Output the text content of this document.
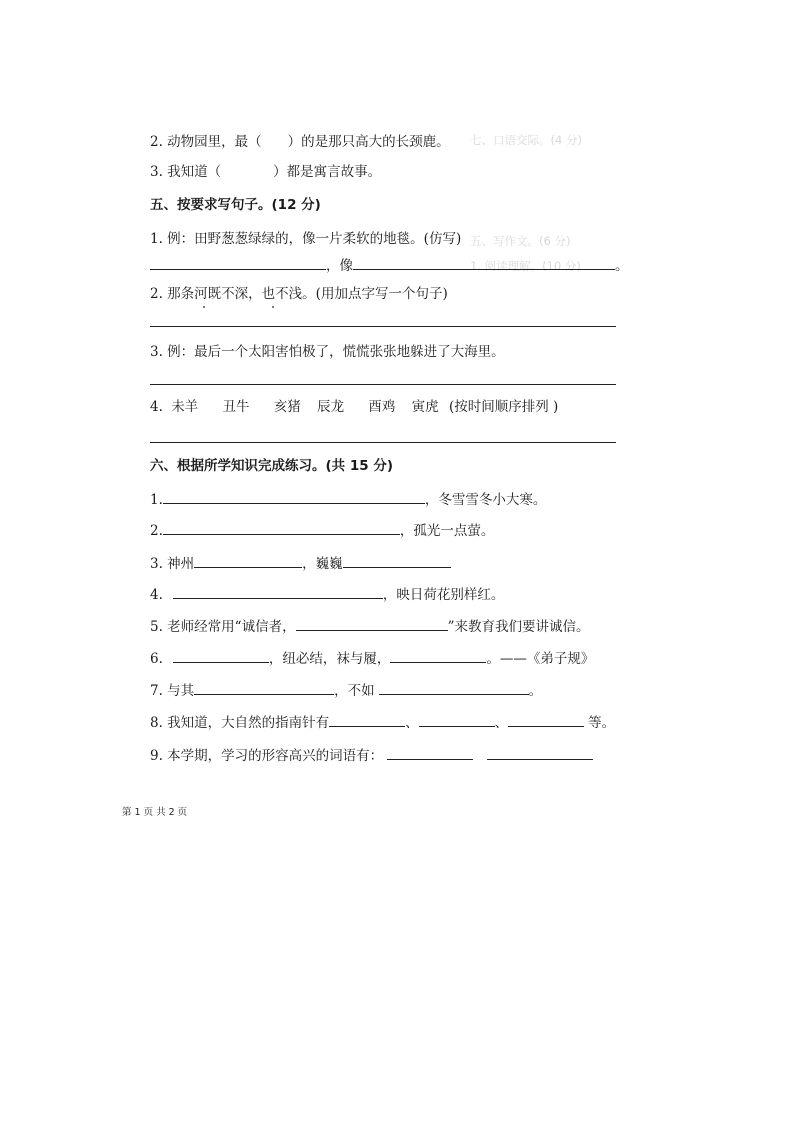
七、口语交际。(4 分)
五、写作文。(6 分)
1. 阅读理解。(10 分)
2. 动物园里，最（ ）的是那只高大的长颈鹿。
3. 我知道（	）都是寓言故事。
五、按要求写句子。(12 分)
1. 例：田野葱葱绿绿的，像一片柔软的地毯。(仿写)
，像	。
2. 那条河既不深，也不浅。(用加点字写一个句子)
3. 例：最后一个太阳害怕极了，慌慌张张地躲进了大海里。
4. 未羊 丑牛 亥猪 辰龙 酉鸡 寅虎 (按时间顺序排列 )
六、根据所学知识完成练习。(共 15 分)
1.	，冬雪雪冬小大寒。
2.	，孤光一点萤。
3. 神州	，巍巍
4.	，映日荷花别样红。
5. 老师经常用“诚信者，	”来教育我们要讲诚信。
6.	，纽必结，袜与履，	。——《弟子规》
7. 与其	，不如	。
8. 我知道，大自然的指南针有	、	、	等。
9. 本学期，学习的形容高兴的词语有：
第 1 页 共 2 页
